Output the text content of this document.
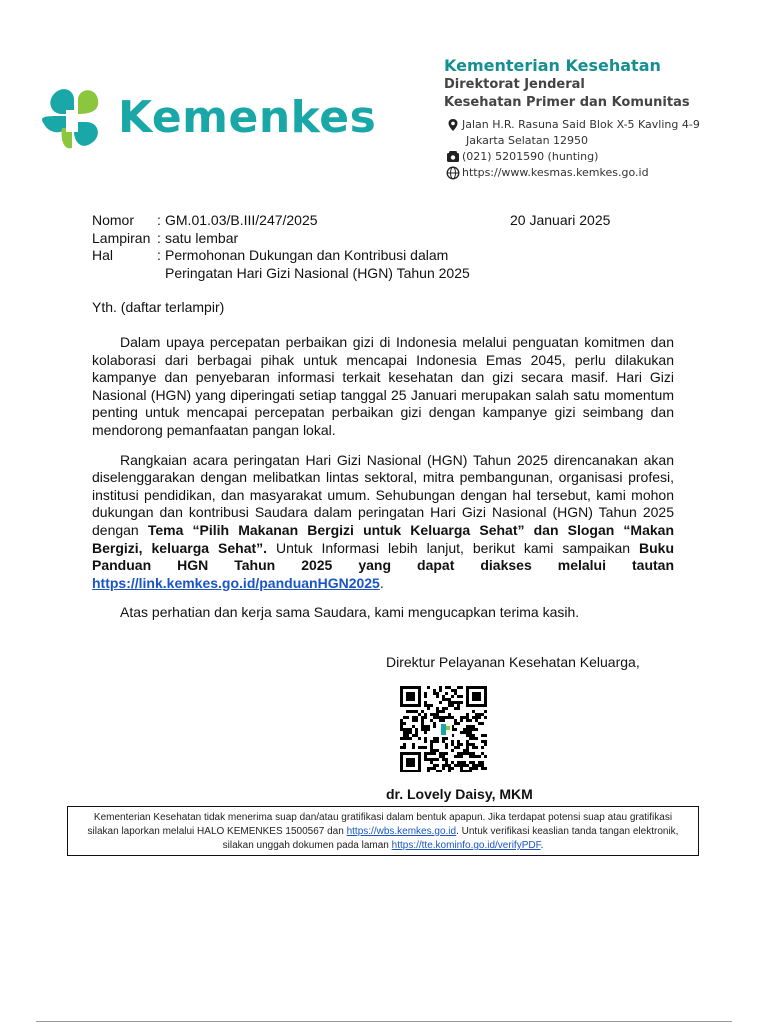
Kemenkes
Kementerian Kesehatan
Direktorat Jenderal
Kesehatan Primer dan Komunitas
Jalan H.R. Rasuna Said Blok X-5 Kavling 4-9
Jakarta Selatan 12950
(021) 5201590 (hunting)
https://www.kesmas.kemkes.go.id
Nomor	: GM.01.03/B.III/247/2025	20 Januari 2025
Lampiran : satu lembar
Hal	: Permohonan Dukungan dan Kontribusi dalam
Peringatan Hari Gizi Nasional (HGN) Tahun 2025
Yth. (daftar terlampir)

Dalam upaya percepatan perbaikan gizi di Indonesia melalui penguatan komitmen dan kolaborasi dari berbagai pihak untuk mencapai Indonesia Emas 2045, perlu dilakukan kampanye dan penyebaran informasi terkait kesehatan dan gizi secara masif. Hari Gizi Nasional (HGN) yang diperingati setiap tanggal 25 Januari merupakan salah satu momentum penting untuk mencapai percepatan perbaikan gizi dengan kampanye gizi seimbang dan mendorong pemanfaatan pangan lokal.

Rangkaian acara peringatan Hari Gizi Nasional (HGN) Tahun 2025 direncanakan akan diselenggarakan dengan melibatkan lintas sektoral, mitra pembangunan, organisasi profesi, institusi pendidikan, dan masyarakat umum. Sehubungan dengan hal tersebut, kami mohon dukungan dan kontribusi Saudara dalam peringatan Hari Gizi Nasional (HGN) Tahun 2025 dengan Tema “Pilih Makanan Bergizi untuk Keluarga Sehat” dan Slogan “Makan Bergizi, keluarga Sehat”. Untuk Informasi lebih lanjut, berikut kami sampaikan Buku Panduan HGN Tahun 2025 yang dapat diakses melalui tautan https://link.kemkes.go.id/panduanHGN2025.

Atas perhatian dan kerja sama Saudara, kami mengucapkan terima kasih.

Direktur Pelayanan Kesehatan Keluarga,
dr. Lovely Daisy, MKM
Kementerian Kesehatan tidak menerima suap dan/atau gratifikasi dalam bentuk apapun. Jika terdapat potensi suap atau gratifikasi silakan laporkan melalui HALO KEMENKES 1500567 dan https://wbs.kemkes.go.id. Untuk verifikasi keaslian tanda tangan elektronik, silakan unggah dokumen pada laman https://tte.kominfo.go.id/verifyPDF.
